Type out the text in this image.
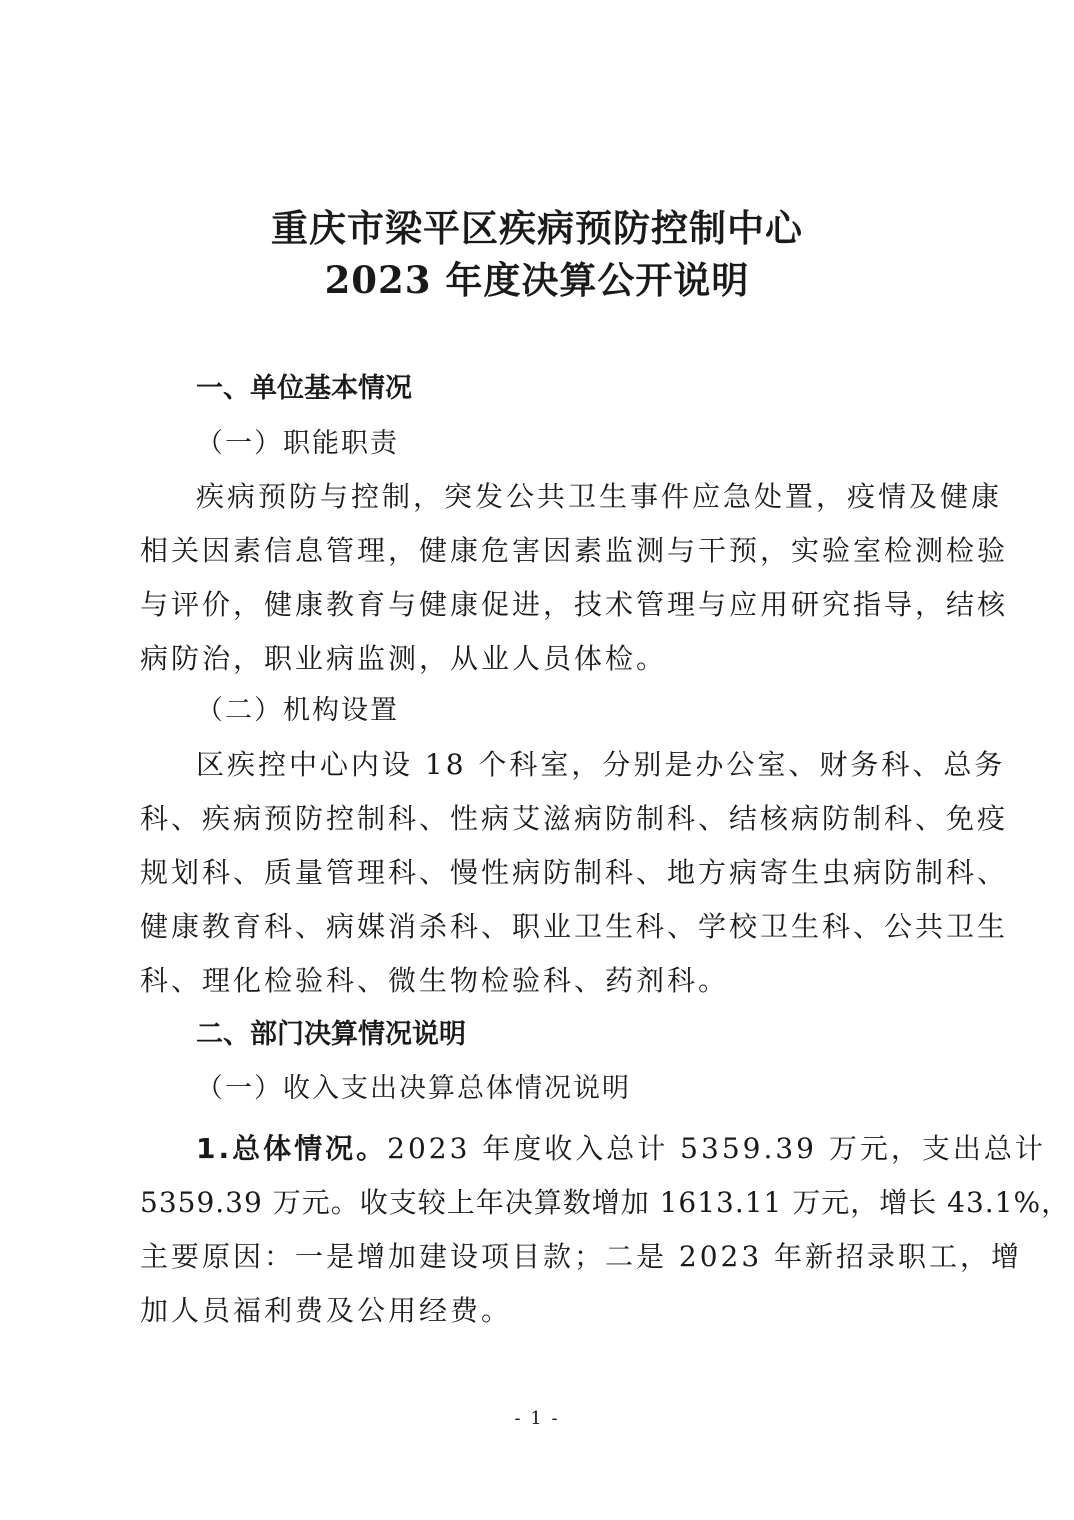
重庆市梁平区疾病预防控制中心
2023 年度决算公开说明
一、单位基本情况
（一）职能职责
疾病预防与控制，突发公共卫生事件应急处置，疫情及健康
相关因素信息管理，健康危害因素监测与干预，实验室检测检验
与评价，健康教育与健康促进，技术管理与应用研究指导，结核
病防治，职业病监测，从业人员体检。
（二）机构设置
区疾控中心内设 18 个科室，分别是办公室、财务科、总务
科、疾病预防控制科、性病艾滋病防制科、结核病防制科、免疫
规划科、质量管理科、慢性病防制科、地方病寄生虫病防制科、
健康教育科、病媒消杀科、职业卫生科、学校卫生科、公共卫生
科、理化检验科、微生物检验科、药剂科。
二、部门决算情况说明
（一）收入支出决算总体情况说明
1.总体情况。2023 年度收入总计 5359.39 万元，支出总计
5359.39 万元。收支较上年决算数增加 1613.11 万元，增长 43.1%，
主要原因：一是增加建设项目款；二是 2023 年新招录职工，增
加人员福利费及公用经费。
- 1 -
